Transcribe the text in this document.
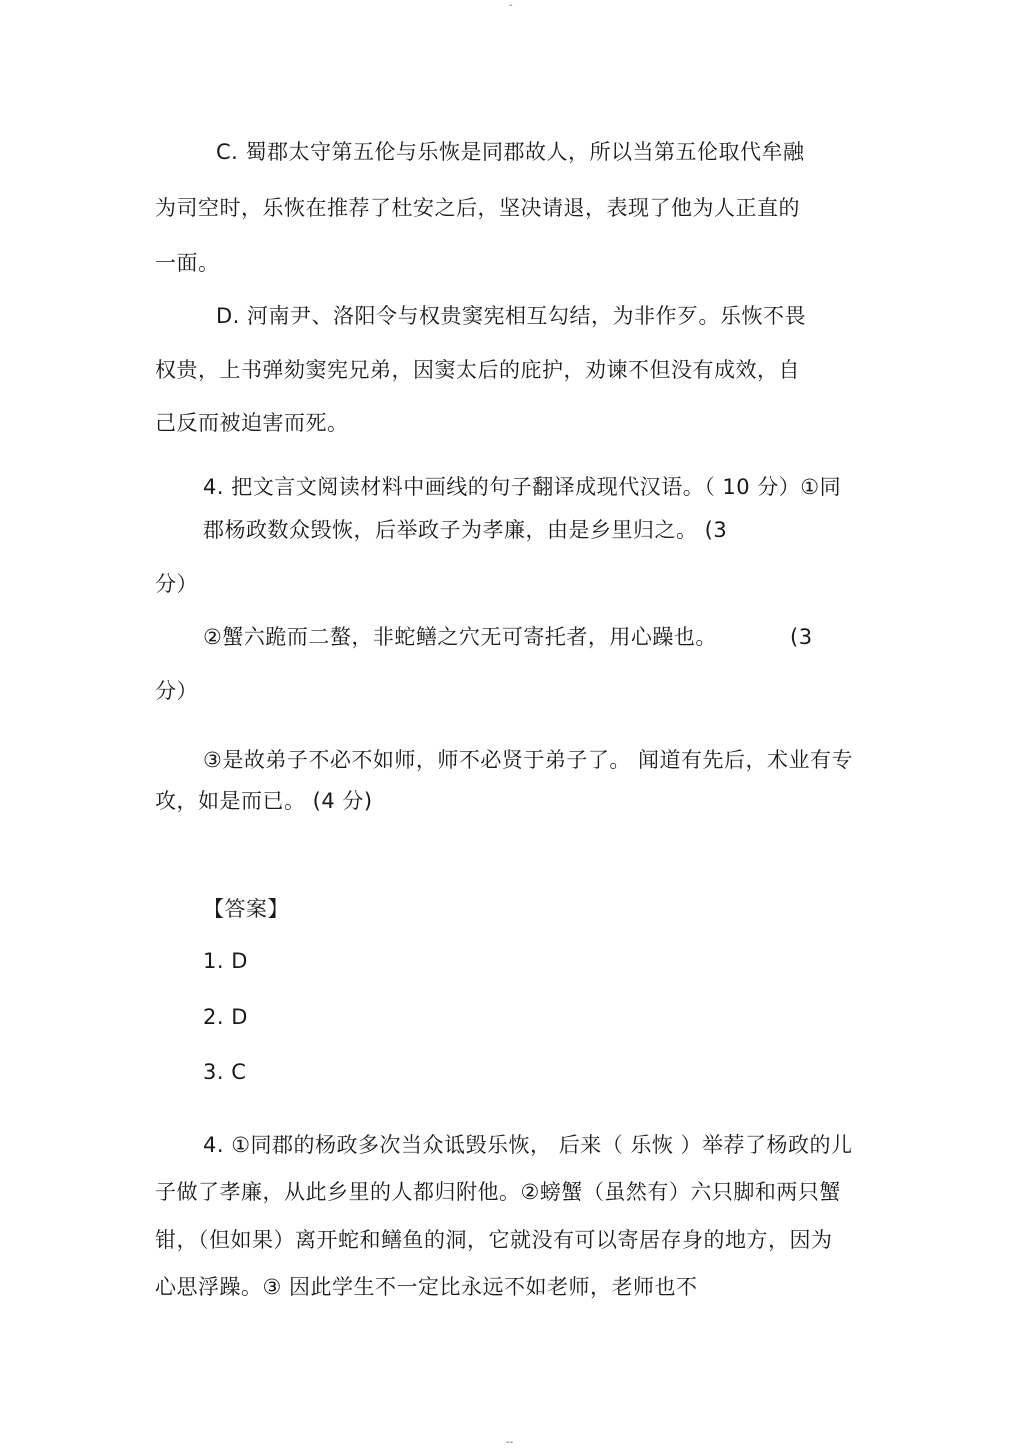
-
C. 蜀郡太守第五伦与乐恢是同郡故人，所以当第五伦取代牟融
为司空时，乐恢在推荐了杜安之后，坚决请退，表现了他为人正直的
一面。
D. 河南尹、洛阳令与权贵窦宪相互勾结，为非作歹。乐恢不畏
权贵，上书弹劾窦宪兄弟，因窦太后的庇护，劝谏不但没有成效，自
己反而被迫害而死。
4. 把文言文阅读材料中画线的句子翻译成现代汉语。（ 10 分）①同
郡杨政数众毁恢，后举政子为孝廉，由是乡里归之。 (3
分）
②蟹六跪而二螯，非蛇鳝之穴无可寄托者，用心躁也。	(3
分）
③是故弟子不必不如师，师不必贤于弟子了。 闻道有先后，术业有专
攻，如是而已。 (4 分)
【答案】
1. D
2. D
3. C
4. ①同郡的杨政多次当众诋毁乐恢， 后来（ 乐恢 ）举荐了杨政的儿
子做了孝廉，从此乡里的人都归附他。②螃蟹（虽然有）六只脚和两只蟹
钳，（但如果）离开蛇和鳝鱼的洞，它就没有可以寄居存身的地方，因为
心思浮躁。③ 因此学生不一定比永远不如老师，老师也不
--
